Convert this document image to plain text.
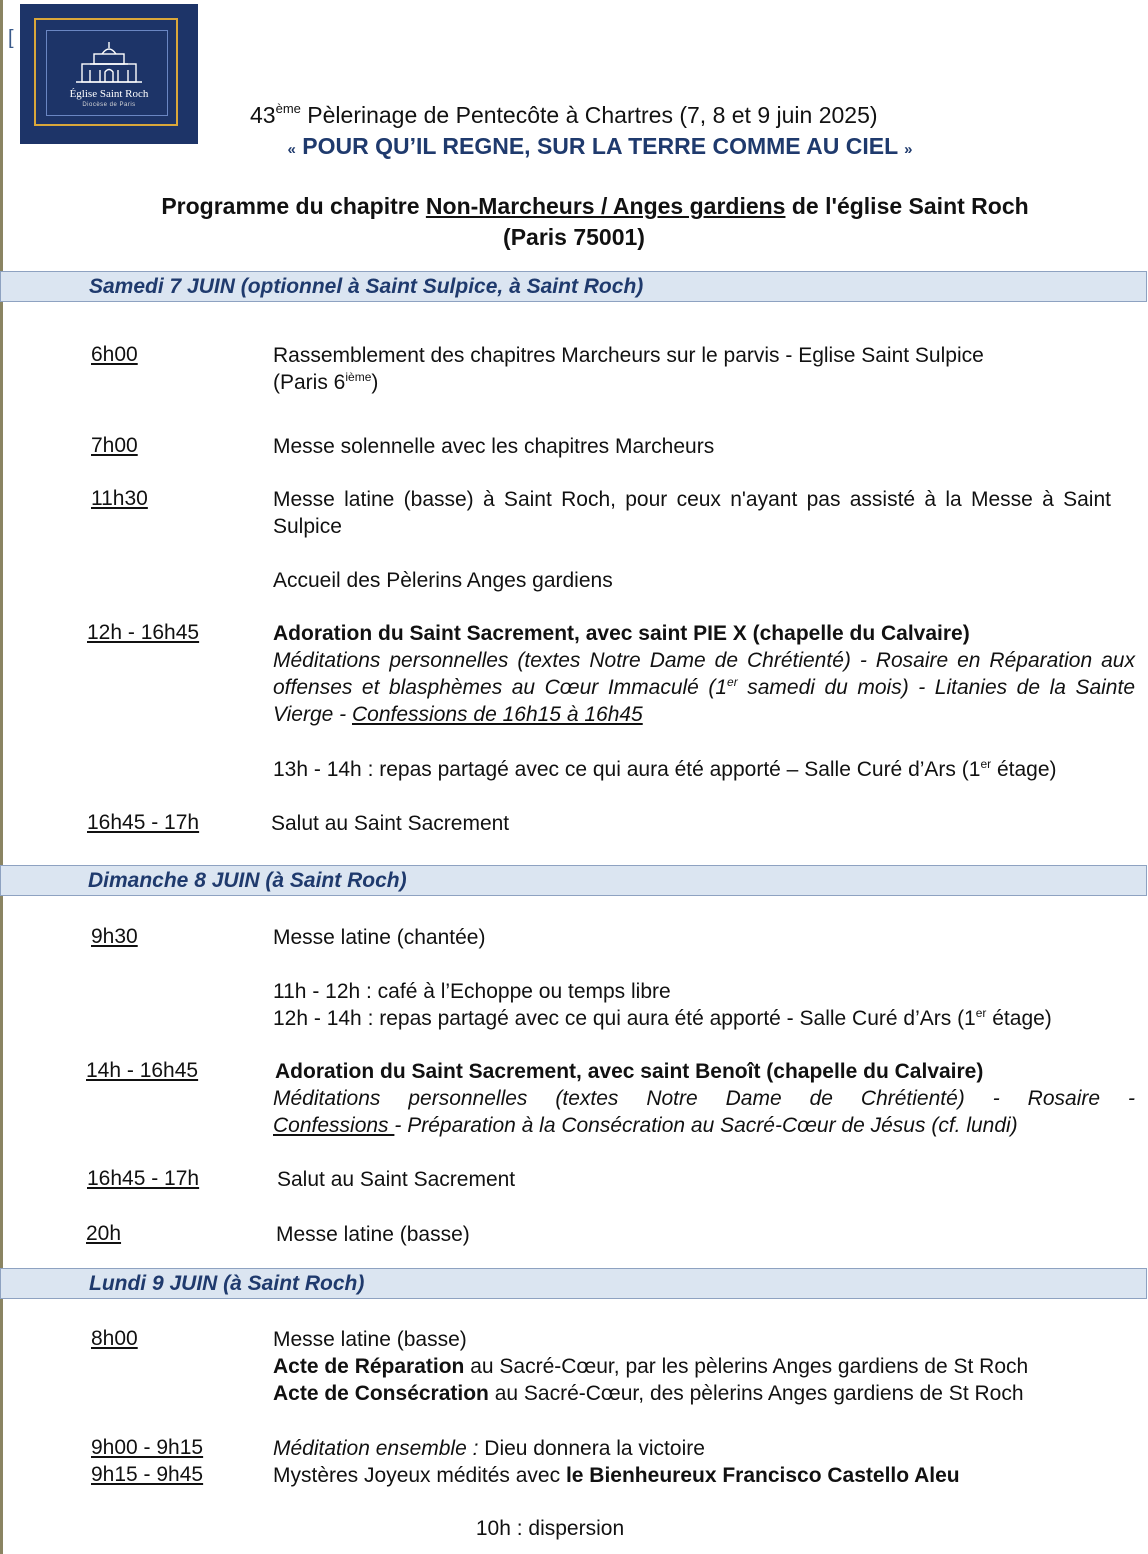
[
Église Saint Roch
Diocèse de Paris	43ème Pèlerinage de Pentecôte à Chartres (7, 8 et 9 juin 2025)
« POUR QU’IL REGNE, SUR LA TERRE COMME AU CIEL »
Programme du chapitre Non-Marcheurs / Anges gardiens de l'église Saint Roch
(Paris 75001)
Samedi 7 JUIN (optionnel à Saint Sulpice, à Saint Roch)
6h00	Rassemblement des chapitres Marcheurs sur le parvis - Eglise Saint Sulpice
(Paris 6ième)
7h00	Messe solennelle avec les chapitres Marcheurs
11h30	Messe latine (basse) à Saint Roch, pour ceux n'ayant pas assisté à la Messe à Saint Sulpice
Accueil des Pèlerins Anges gardiens
12h - 16h45	Adoration du Saint Sacrement, avec saint PIE X (chapelle du Calvaire)
Méditations personnelles (textes Notre Dame de Chrétienté) - Rosaire en Réparation aux offenses et blasphèmes au Cœur Immaculé (1er samedi du mois) - Litanies de la Sainte Vierge - Confessions de 16h15 à 16h45
13h - 14h : repas partagé avec ce qui aura été apporté – Salle Curé d’Ars (1er étage)
16h45 - 17h	Salut au Saint Sacrement
Dimanche 8 JUIN (à Saint Roch)
9h30	Messe latine (chantée)
11h - 12h : café à l’Echoppe ou temps libre
12h - 14h : repas partagé avec ce qui aura été apporté - Salle Curé d’Ars (1er étage)
14h - 16h45	Adoration du Saint Sacrement, avec saint Benoît (chapelle du Calvaire)
Méditations personnelles (textes Notre Dame de Chrétienté) - Rosaire -
Confessions - Préparation à la Consécration au Sacré-Cœur de Jésus (cf. lundi)
16h45 - 17h	Salut au Saint Sacrement
20h	Messe latine (basse)
Lundi 9 JUIN (à Saint Roch)
8h00	Messe latine (basse)
Acte de Réparation au Sacré-Cœur, par les pèlerins Anges gardiens de St Roch
Acte de Consécration au Sacré-Cœur, des pèlerins Anges gardiens de St Roch
9h00 - 9h15	Méditation ensemble : Dieu donnera la victoire
9h15 - 9h45	Mystères Joyeux médités avec le Bienheureux Francisco Castello Aleu
10h : dispersion
